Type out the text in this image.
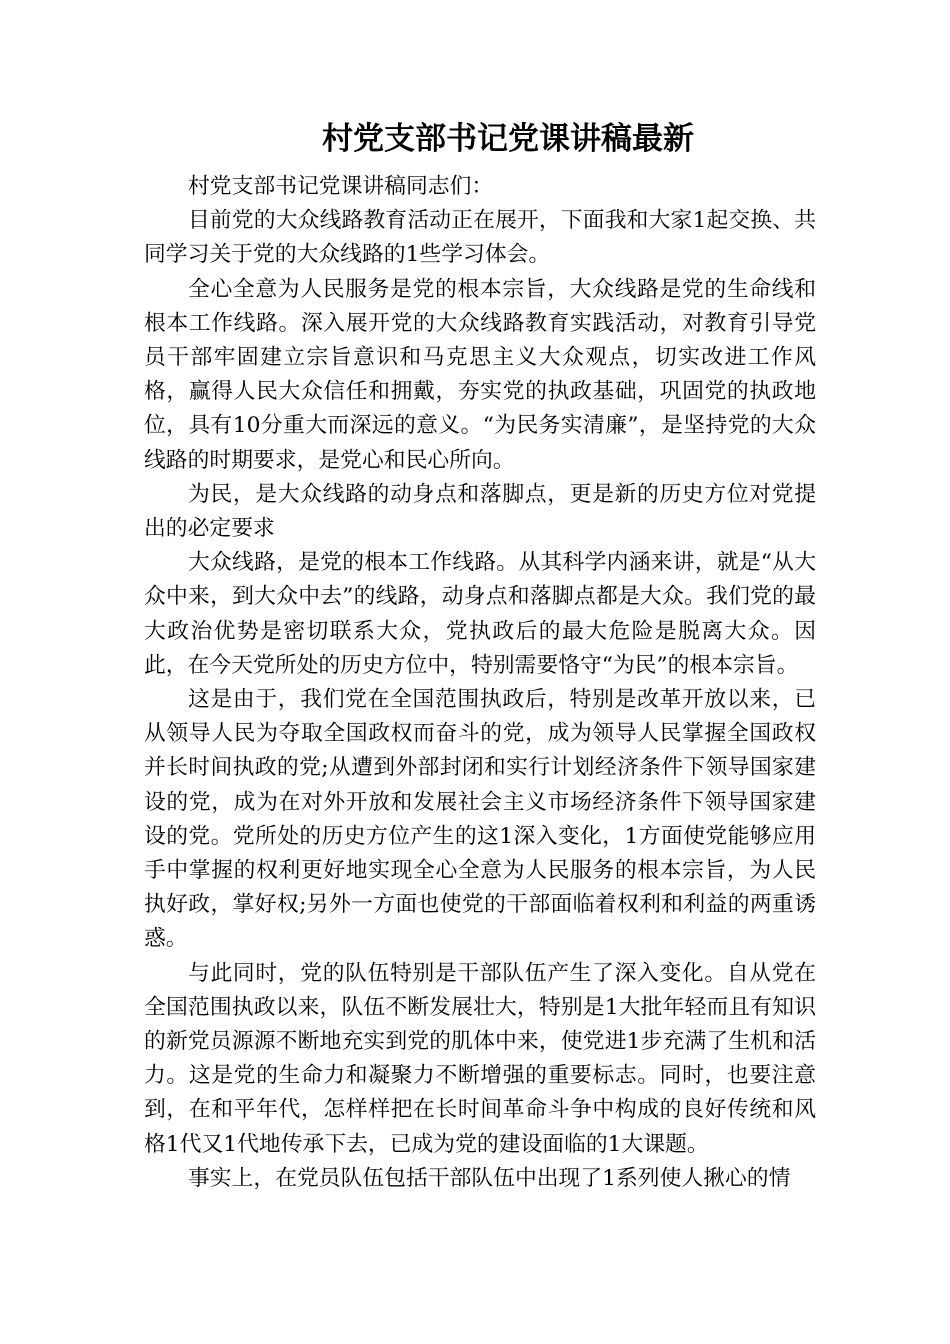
村党支部书记党课讲稿最新

村党支部书记党课讲稿同志们：

目前党的大众线路教育活动正在展开，下面我和大家1起交换、共同学习关于党的大众线路的1些学习体会。

全心全意为人民服务是党的根本宗旨，大众线路是党的生命线和根本工作线路。深入展开党的大众线路教育实践活动，对教育引导党员干部牢固建立宗旨意识和马克思主义大众观点，切实改进工作风格，赢得人民大众信任和拥戴，夯实党的执政基础，巩固党的执政地位，具有10分重大而深远的意义。“为民务实清廉”，是坚持党的大众线路的时期要求，是党心和民心所向。

为民，是大众线路的动身点和落脚点，更是新的历史方位对党提出的必定要求

大众线路，是党的根本工作线路。从其科学内涵来讲，就是“从大众中来，到大众中去”的线路，动身点和落脚点都是大众。我们党的最大政治优势是密切联系大众，党执政后的最大危险是脱离大众。因此，在今天党所处的历史方位中，特别需要恪守“为民”的根本宗旨。

这是由于，我们党在全国范围执政后，特别是改革开放以来，已从领导人民为夺取全国政权而奋斗的党，成为领导人民掌握全国政权并长时间执政的党;从遭到外部封闭和实行计划经济条件下领导国家建设的党，成为在对外开放和发展社会主义市场经济条件下领导国家建设的党。党所处的历史方位产生的这1深入变化，1方面使党能够应用手中掌握的权利更好地实现全心全意为人民服务的根本宗旨，为人民执好政，掌好权;另外一方面也使党的干部面临着权利和利益的两重诱惑。

与此同时，党的队伍特别是干部队伍产生了深入变化。自从党在全国范围执政以来，队伍不断发展壮大，特别是1大批年轻而且有知识的新党员源源不断地充实到党的肌体中来，使党进1步充满了生机和活力。这是党的生命力和凝聚力不断增强的重要标志。同时，也要注意到，在和平年代，怎样样把在长时间革命斗争中构成的良好传统和风格1代又1代地传承下去，已成为党的建设面临的1大课题。

事实上，在党员队伍包括干部队伍中出现了1系列使人揪心的情
